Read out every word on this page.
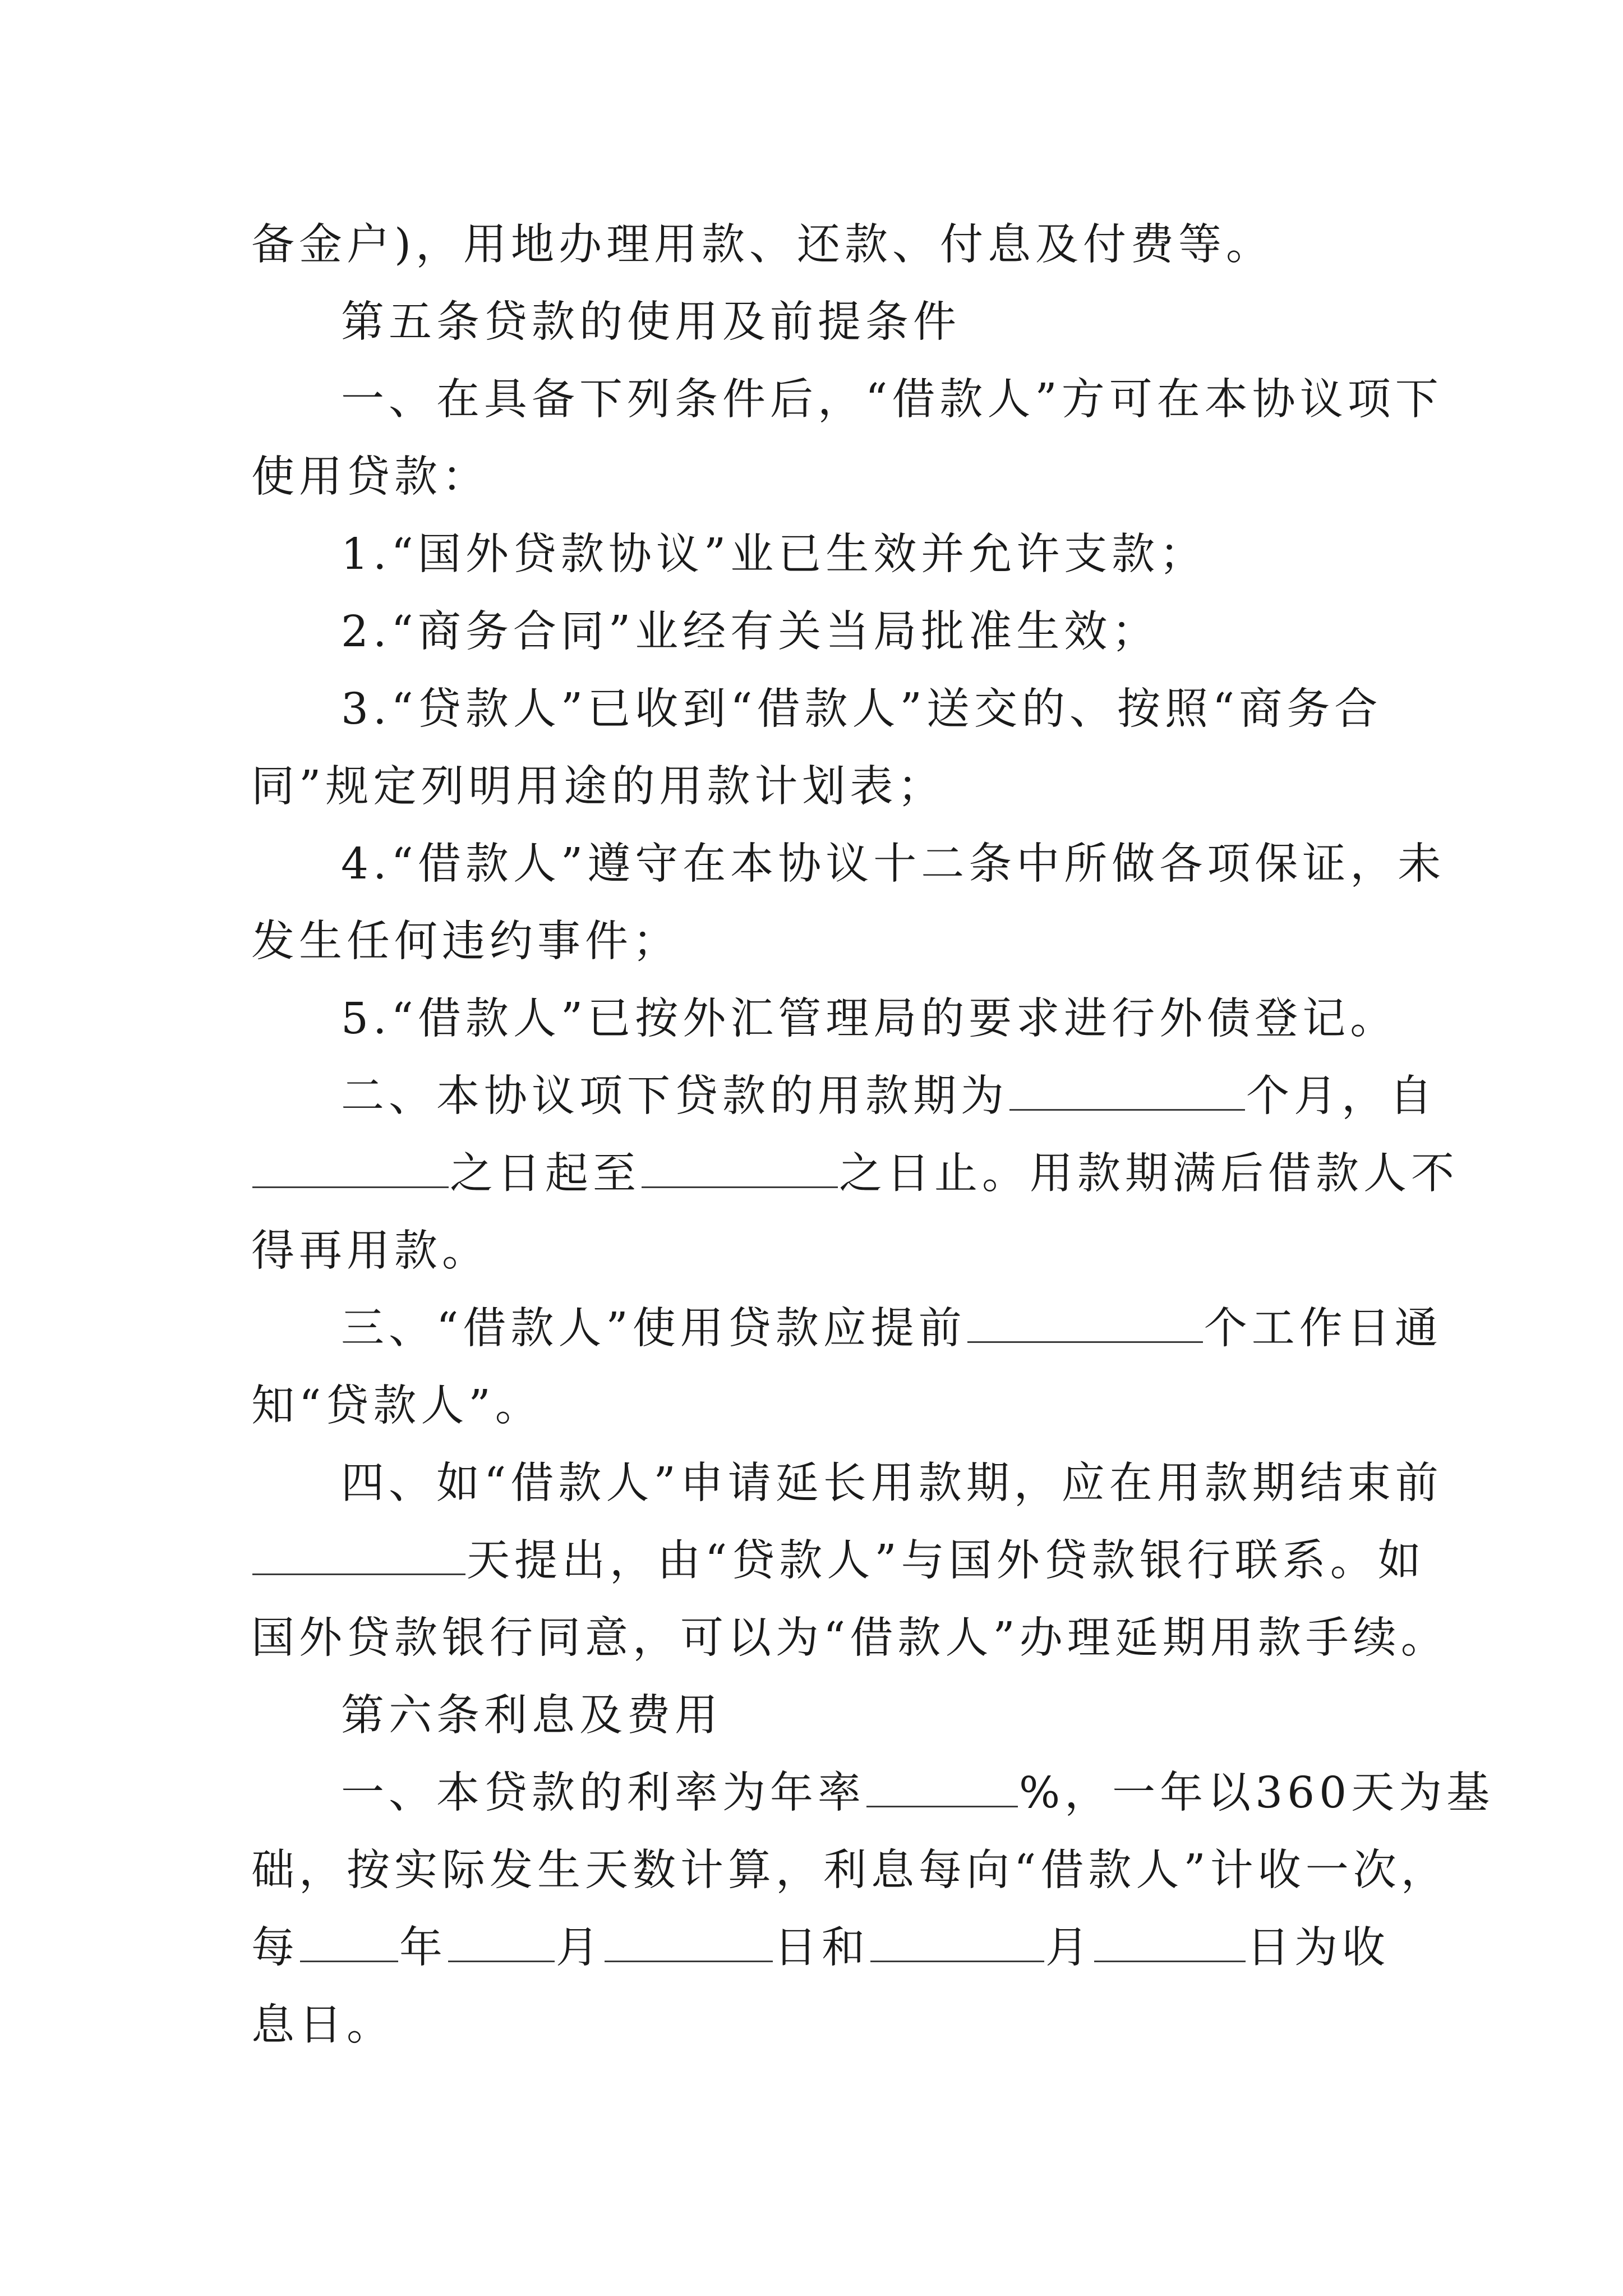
备金户)，用地办理用款、还款、付息及付费等。
第五条贷款的使用及前提条件
一、在具备下列条件后，“借款人”方可在本协议项下
使用贷款：
1.“国外贷款协议”业已生效并允许支款；
2.“商务合同”业经有关当局批准生效；
3.“贷款人”已收到“借款人”送交的、按照“商务合
同”规定列明用途的用款计划表；
4.“借款人”遵守在本协议十二条中所做各项保证，未
发生任何违约事件；
5.“借款人”已按外汇管理局的要求进行外债登记。
二、本协议项下贷款的用款期为	个月，自
之日起至	之日止。用款期满后借款人不
得再用款。
三、“借款人”使用贷款应提前	个工作日通
知“贷款人”。
四、如“借款人”申请延长用款期，应在用款期结束前
天提出，由“贷款人”与国外贷款银行联系。如
国外贷款银行同意，可以为“借款人”办理延期用款手续。
第六条利息及费用
一、本贷款的利率为年率	%，一年以360天为基
础，按实际发生天数计算，利息每向“借款人”计收一次，
每 年	月	日和	月	日为收
息日。
